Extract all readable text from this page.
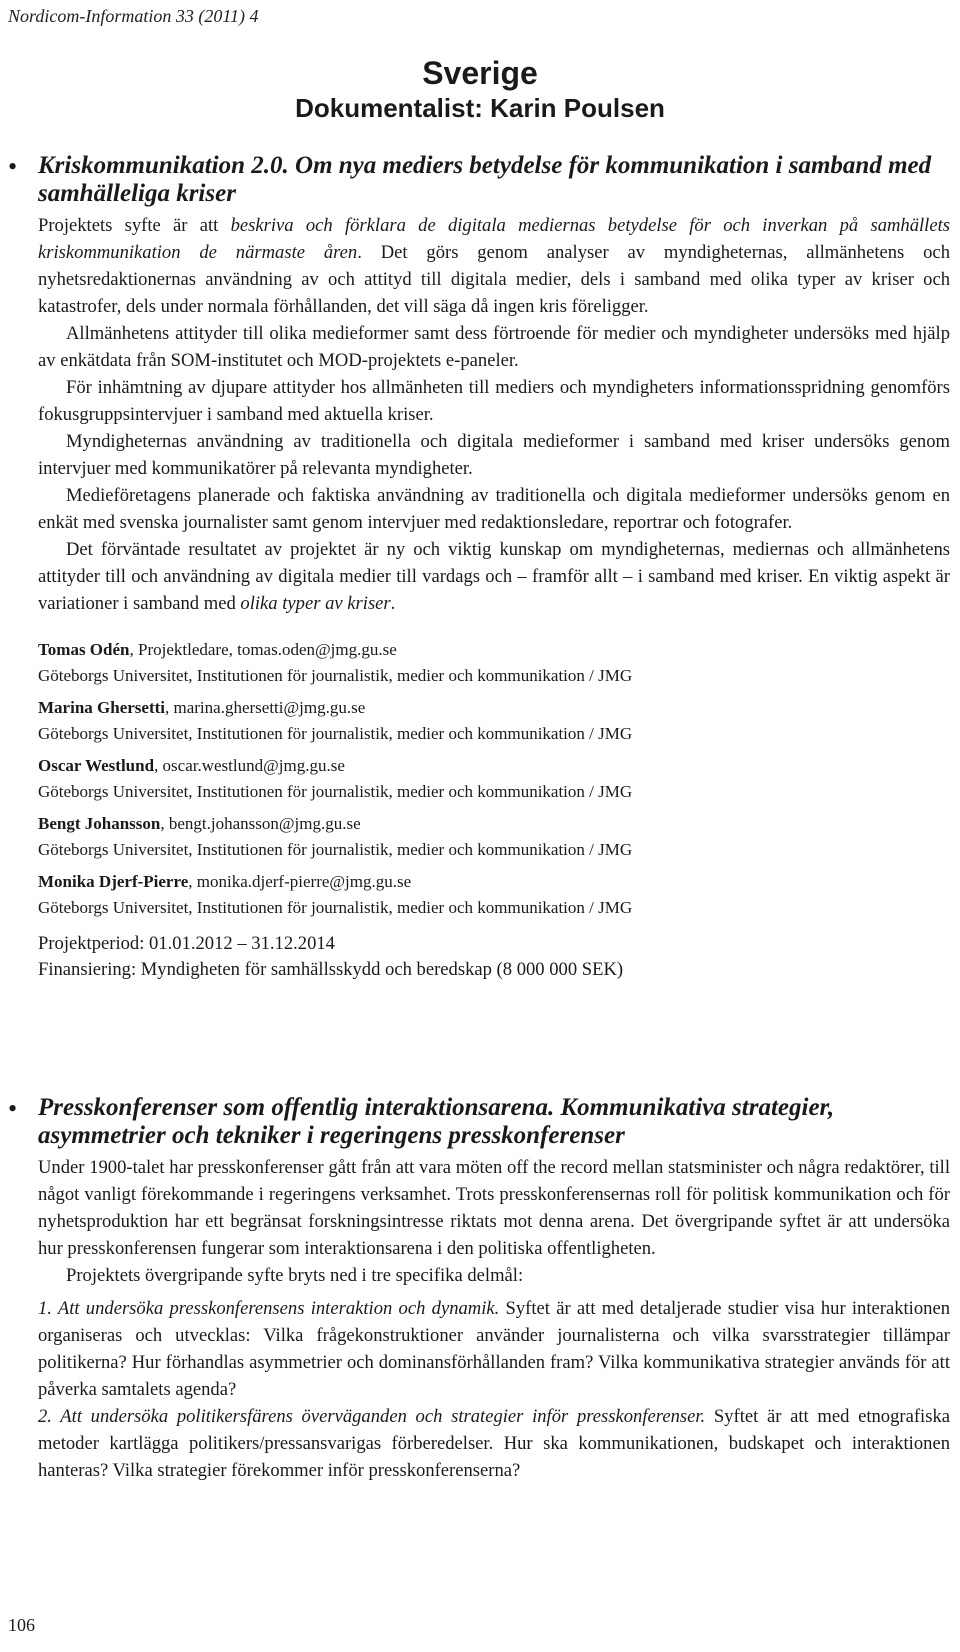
Nordicom-Information 33 (2011) 4
Sverige
Dokumentalist: Karin Poulsen
• Kriskommunikation 2.0. Om nya mediers betydelse för kommunikation i samband med samhälleliga kriser

Projektets syfte är att beskriva och förklara de digitala mediernas betydelse för och inverkan på samhällets kriskommunikation de närmaste åren. Det görs genom analyser av myndigheternas, allmänhetens och nyhetsredaktionernas användning av och attityd till digitala medier, dels i samband med olika typer av kriser och katastrofer, dels under normala förhållanden, det vill säga då ingen kris föreligger.

Allmänhetens attityder till olika medieformer samt dess förtroende för medier och myndigheter undersöks med hjälp av enkätdata från SOM-institutet och MOD-projektets e-paneler.

För inhämtning av djupare attityder hos allmänheten till mediers och myndigheters informationsspridning genomförs fokusgruppsintervjuer i samband med aktuella kriser.

Myndigheternas användning av traditionella och digitala medieformer i samband med kriser undersöks genom intervjuer med kommunikatörer på relevanta myndigheter.

Medieföretagens planerade och faktiska användning av traditionella och digitala medieformer undersöks genom en enkät med svenska journalister samt genom intervjuer med redaktionsledare, reportrar och fotografer.

Det förväntade resultatet av projektet är ny och viktig kunskap om myndigheternas, mediernas och allmänhetens attityder till och användning av digitala medier till vardags och – framför allt – i samband med kriser. En viktig aspekt är variationer i samband med olika typer av kriser.

Tomas Odén, Projektledare, tomas.oden@jmg.gu.se
Göteborgs Universitet, Institutionen för journalistik, medier och kommunikation / JMG
Marina Ghersetti, marina.ghersetti@jmg.gu.se
Göteborgs Universitet, Institutionen för journalistik, medier och kommunikation / JMG
Oscar Westlund, oscar.westlund@jmg.gu.se
Göteborgs Universitet, Institutionen för journalistik, medier och kommunikation / JMG
Bengt Johansson, bengt.johansson@jmg.gu.se
Göteborgs Universitet, Institutionen för journalistik, medier och kommunikation / JMG
Monika Djerf-Pierre, monika.djerf-pierre@jmg.gu.se
Göteborgs Universitet, Institutionen för journalistik, medier och kommunikation / JMG
Projektperiod: 01.01.2012 – 31.12.2014
Finansiering: Myndigheten för samhällsskydd och beredskap (8 000 000 SEK)
• Presskonferenser som offentlig interaktionsarena. Kommunikativa strategier, asymmetrier och tekniker i regeringens presskonferenser

Under 1900-talet har presskonferenser gått från att vara möten off the record mellan statsminister och några redaktörer, till något vanligt förekommande i regeringens verksamhet. Trots presskonferensernas roll för politisk kommunikation och för nyhetsproduktion har ett begränsat forskningsintresse riktats mot denna arena. Det övergripande syftet är att undersöka hur presskonferensen fungerar som interaktionsarena i den politiska offentligheten.

Projektets övergripande syfte bryts ned i tre specifika delmål:

1. Att undersöka presskonferensens interaktion och dynamik. Syftet är att med detaljerade studier visa hur interaktionen organiseras och utvecklas: Vilka frågekonstruktioner använder journalisterna och vilka svarsstrategier tillämpar politikerna? Hur förhandlas asymmetrier och dominansförhållanden fram? Vilka kommunikativa strategier används för att påverka samtalets agenda?

2. Att undersöka politikersfärens överväganden och strategier inför presskonferenser. Syftet är att med etnografiska metoder kartlägga politikers/pressansvarigas förberedelser. Hur ska kommunikationen, budskapet och interaktionen hanteras? Vilka strategier förekommer inför presskonferenserna?

106
